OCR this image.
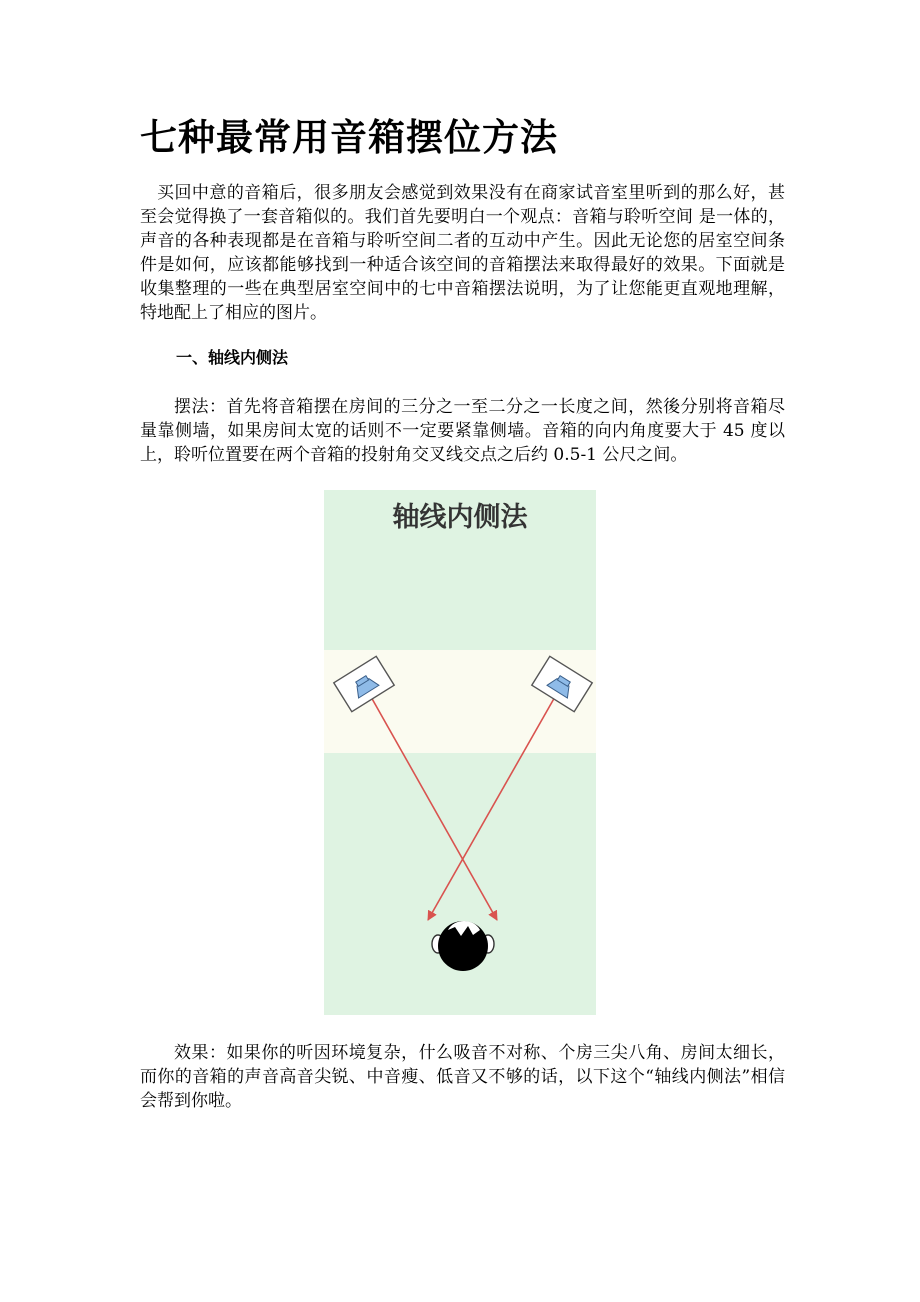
七种最常用音箱摆位方法

买回中意的音箱后，很多朋友会感觉到效果没有在商家试音室里听到的那么好，甚至会觉得换了一套音箱似的。我们首先要明白一个观点：音箱与聆听空间 是一体的，声音的各种表现都是在音箱与聆听空间二者的互动中产生。因此无论您的居室空间条件是如何，应该都能够找到一种适合该空间的音箱摆法来取得最好的效果。下面就是收集整理的一些在典型居室空间中的七中音箱摆法说明，为了让您能更直观地理解，特地配上了相应的图片。

一、轴线内侧法

摆法：首先将音箱摆在房间的三分之一至二分之一长度之间，然後分别将音箱尽量靠侧墙，如果房间太宽的话则不一定要紧靠侧墙。音箱的向内角度要大于 45 度以上，聆听位置要在两个音箱的投射角交叉线交点之后约 0.5-1 公尺之间。

轴线内侧法

效果：如果你的听因环境复杂，什么吸音不对称、个房三尖八角、房间太细长，而你的音箱的声音高音尖锐、中音瘦、低音又不够的话，以下这个“轴线内侧法”相信会帮到你啦。
